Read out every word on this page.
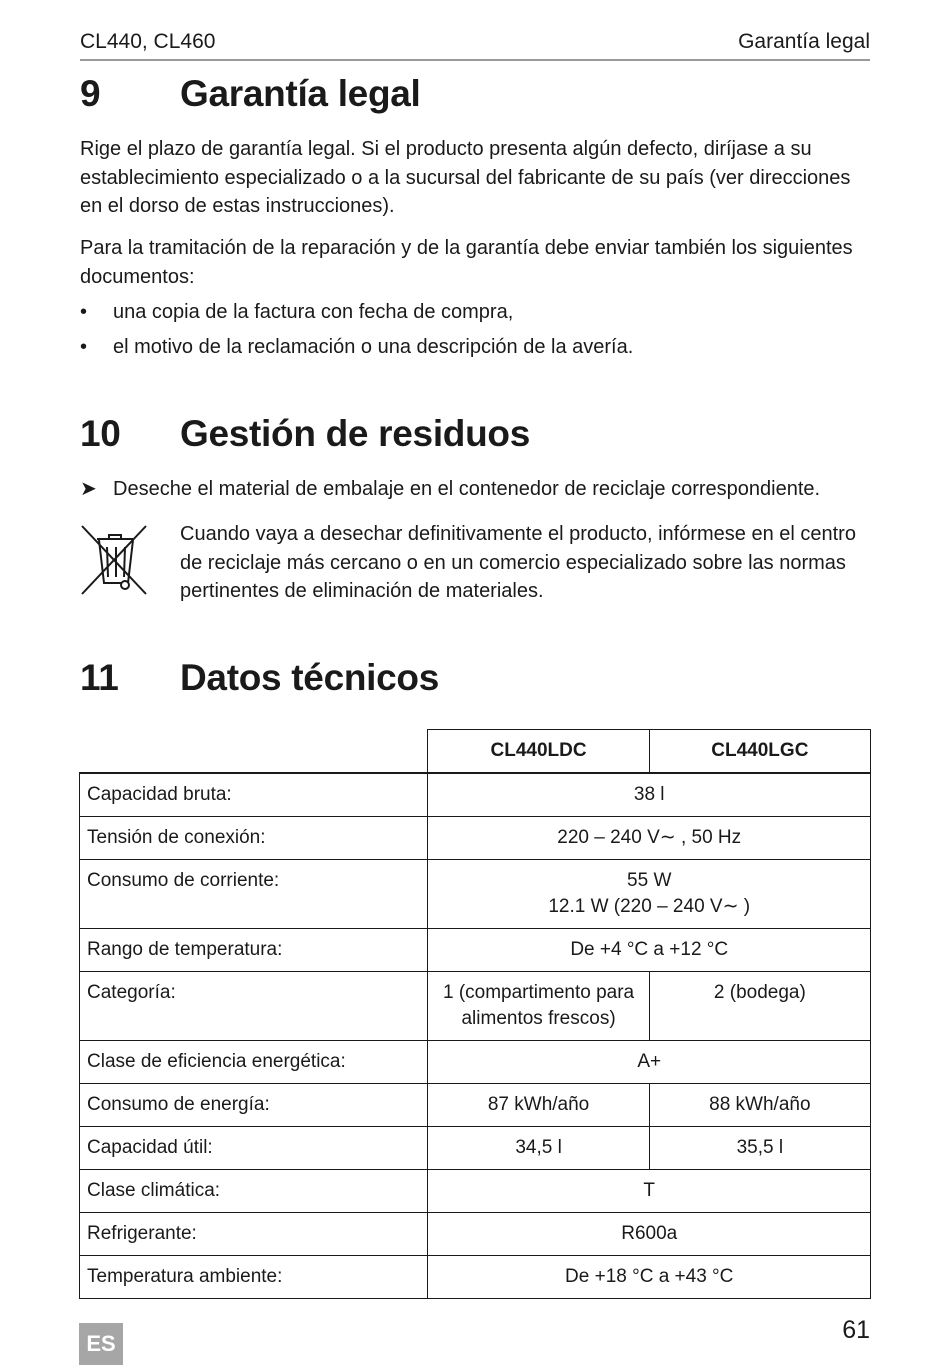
CL440, CL460	Garantía legal
9 Garantía legal

Rige el plazo de garantía legal. Si el producto presenta algún defecto, diríjase a su establecimiento especializado o a la sucursal del fabricante de su país (ver direcciones en el dorso de estas instrucciones).

Para la tramitación de la reparación y de la garantía debe enviar también los siguientes documentos:

• una copia de la factura con fecha de compra,
• el motivo de la reclamación o una descripción de la avería.
10 Gestión de residuos
➤ Deseche el material de embalaje en el contenedor de reciclaje correspondiente.

Cuando vaya a desechar definitivamente el producto, infórmese en el centro de reciclaje más cercano o en un comercio especializado sobre las normas pertinentes de eliminación de materiales.

11 Datos técnicos
	CL440LDC	CL440LGC
Capacidad bruta:	38 l	
Tensión de conexión:	220 – 240 V∼ , 50 Hz	
Consumo de corriente:	55 W
12.1 W (220 – 240 V∼ )	

Rango de temperatura:	De +4 °C a +12 °C	
Categoría:	1 (compartimento para
alimentos frescos)	2 (bodega)
Clase de eficiencia energética:	A+	
Consumo de energía:	87 kWh/año	88 kWh/año
Capacidad útil:	34,5 l	35,5 l
Clase climática:	T	
Refrigerante:	R600a	
Temperatura ambiente:	De +18 °C a +43 °C	
ES	61
